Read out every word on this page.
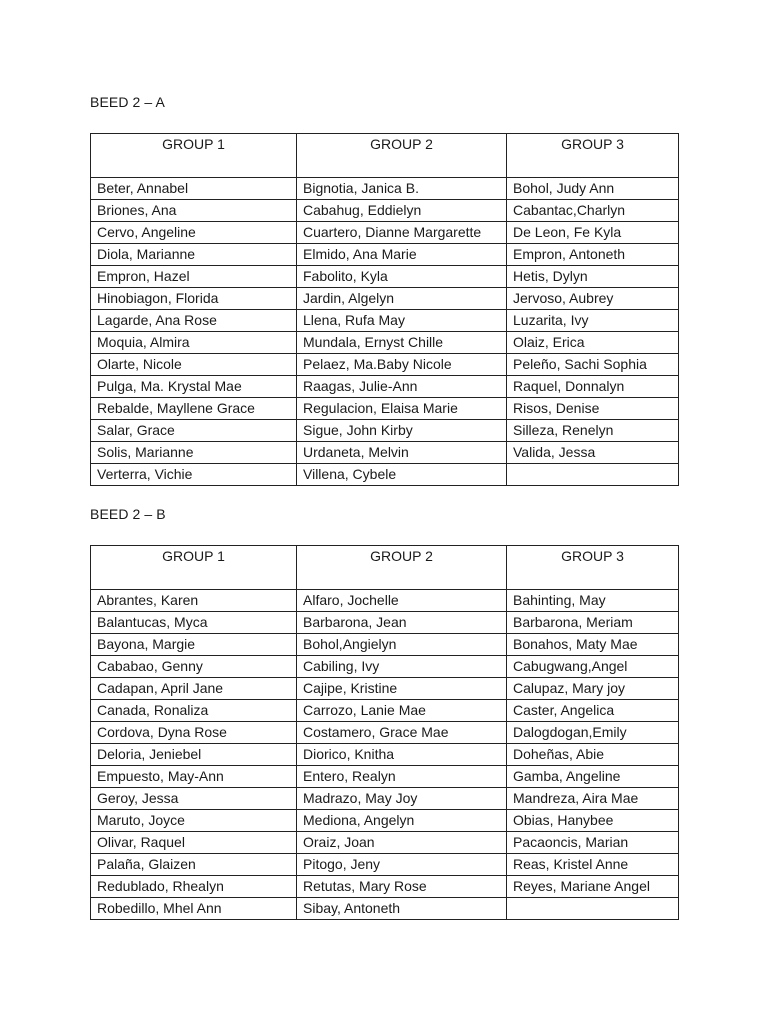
BEED 2 – A
GROUP 1	GROUP 2	GROUP 3
Beter, Annabel	Bignotia, Janica B.	Bohol, Judy Ann
Briones, Ana	Cabahug, Eddielyn	Cabantac,Charlyn
Cervo, Angeline	Cuartero, Dianne Margarette	De Leon, Fe Kyla
Diola, Marianne	Elmido, Ana Marie	Empron, Antoneth
Empron, Hazel	Fabolito, Kyla	Hetis, Dylyn
Hinobiagon, Florida	Jardin, Algelyn	Jervoso, Aubrey
Lagarde, Ana Rose	Llena, Rufa May	Luzarita, Ivy
Moquia, Almira	Mundala, Ernyst Chille	Olaiz, Erica
Olarte, Nicole	Pelaez, Ma.Baby Nicole	Peleño, Sachi Sophia
Pulga, Ma. Krystal Mae	Raagas, Julie-Ann	Raquel, Donnalyn
Rebalde, Mayllene Grace	Regulacion, Elaisa Marie	Risos, Denise
Salar, Grace	Sigue, John Kirby	Silleza, Renelyn
Solis, Marianne	Urdaneta, Melvin	Valida, Jessa
Verterra, Vichie	Villena, Cybele	
BEED 2 – B
GROUP 1	GROUP 2	GROUP 3
Abrantes, Karen	Alfaro, Jochelle	Bahinting, May
Balantucas, Myca	Barbarona, Jean	Barbarona, Meriam
Bayona, Margie	Bohol,Angielyn	Bonahos, Maty Mae
Cababao, Genny	Cabiling, Ivy	Cabugwang,Angel
Cadapan, April Jane	Cajipe, Kristine	Calupaz, Mary joy
Canada, Ronaliza	Carrozo, Lanie Mae	Caster, Angelica
Cordova, Dyna Rose	Costamero, Grace Mae	Dalogdogan,Emily
Deloria, Jeniebel	Diorico, Knitha	Doheñas, Abie
Empuesto, May-Ann	Entero, Realyn	Gamba, Angeline
Geroy, Jessa	Madrazo, May Joy	Mandreza, Aira Mae
Maruto, Joyce	Mediona, Angelyn	Obias, Hanybee
Olivar, Raquel	Oraiz, Joan	Pacaoncis, Marian
Palaña, Glaizen	Pitogo, Jeny	Reas, Kristel Anne
Redublado, Rhealyn	Retutas, Mary Rose	Reyes, Mariane Angel
Robedillo, Mhel Ann	Sibay, Antoneth	
